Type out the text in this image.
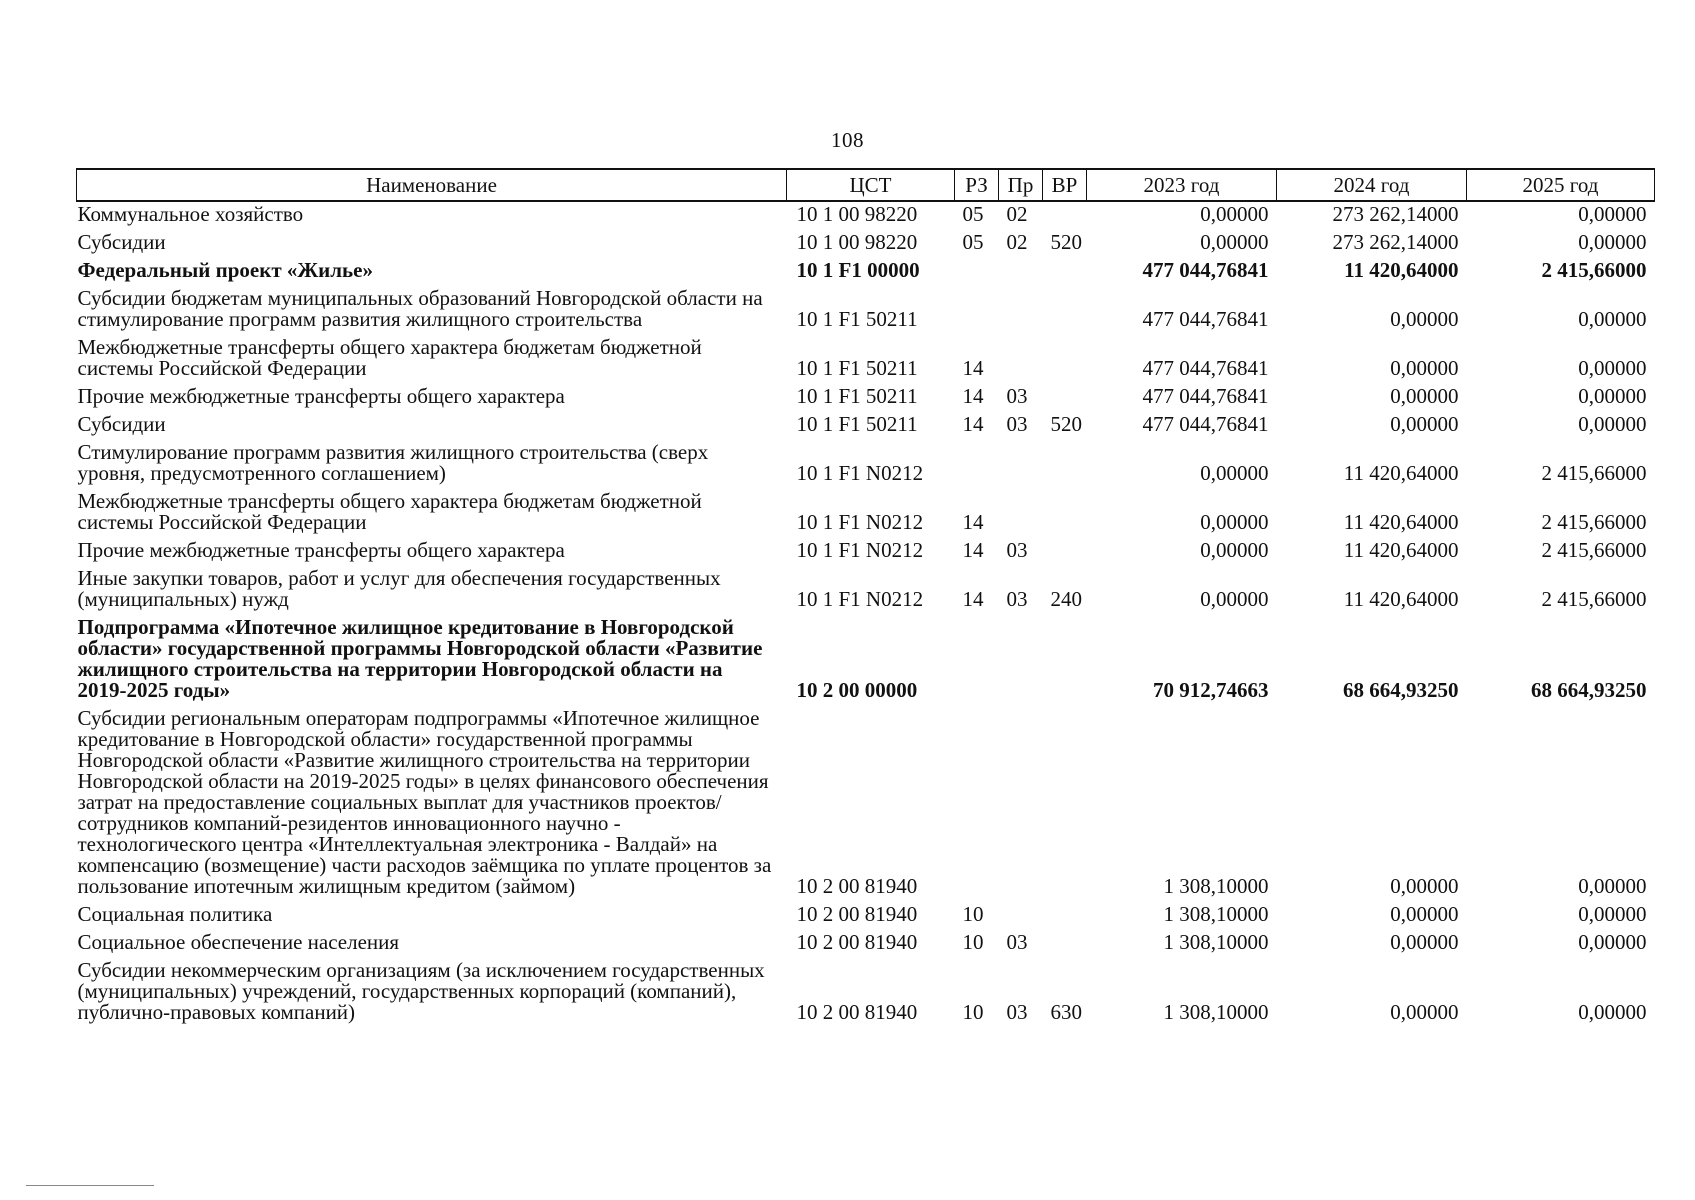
108
Наименование	ЦСТ	РЗ	Пр	ВР	2023 год	2024 год	2025 год
Коммунальное хозяйство	10 1 00 98220	05	02		0,00000	273 262,14000	0,00000
Субсидии	10 1 00 98220	05	02	520	0,00000	273 262,14000	0,00000
Федеральный проект «Жилье»	10 1 F1 00000				477 044,76841	11 420,64000	2 415,66000
Субсидии бюджетам муниципальных образований Новгородской области на стимулирование программ развития жилищного строительства	10 1 F1 50211				477 044,76841	0,00000	0,00000
Межбюджетные трансферты общего характера бюджетам бюджетной системы Российской Федерации	10 1 F1 50211	14			477 044,76841	0,00000	0,00000
Прочие межбюджетные трансферты общего характера	10 1 F1 50211	14	03		477 044,76841	0,00000	0,00000
Субсидии	10 1 F1 50211	14	03	520	477 044,76841	0,00000	0,00000
Стимулирование программ развития жилищного строительства (сверх уровня, предусмотренного соглашением)	10 1 F1 N0212				0,00000	11 420,64000	2 415,66000
Межбюджетные трансферты общего характера бюджетам бюджетной системы Российской Федерации	10 1 F1 N0212	14			0,00000	11 420,64000	2 415,66000
Прочие межбюджетные трансферты общего характера	10 1 F1 N0212	14	03		0,00000	11 420,64000	2 415,66000
Иные закупки товаров, работ и услуг для обеспечения государственных (муниципальных) нужд	10 1 F1 N0212	14	03	240	0,00000	11 420,64000	2 415,66000
Подпрограмма «Ипотечное жилищное кредитование в Новгородской области» государственной программы Новгородской области «Развитие жилищного строительства на территории Новгородской области на 2019-2025 годы»	10 2 00 00000				70 912,74663	68 664,93250	68 664,93250
Субсидии региональным операторам подпрограммы «Ипотечное жилищное кредитование в Новгородской области» государственной программы Новгородской области «Развитие жилищного строительства на территории Новгородской области на 2019-2025 годы» в целях финансового обеспечения затрат на предоставление социальных выплат для участников проектов/сотрудников компаний-резидентов инновационного научно - технологического центра «Интеллектуальная электроника - Валдай» на компенсацию (возмещение) части расходов заёмщика по уплате процентов за пользование ипотечным жилищным кредитом (займом)	10 2 00 81940				1 308,10000	0,00000	0,00000
Социальная политика	10 2 00 81940	10			1 308,10000	0,00000	0,00000
Социальное обеспечение населения	10 2 00 81940	10	03		1 308,10000	0,00000	0,00000
Субсидии некоммерческим организациям (за исключением государственных (муниципальных) учреждений, государственных корпораций (компаний), публично-правовых компаний)	10 2 00 81940	10	03	630	1 308,10000	0,00000	0,00000
